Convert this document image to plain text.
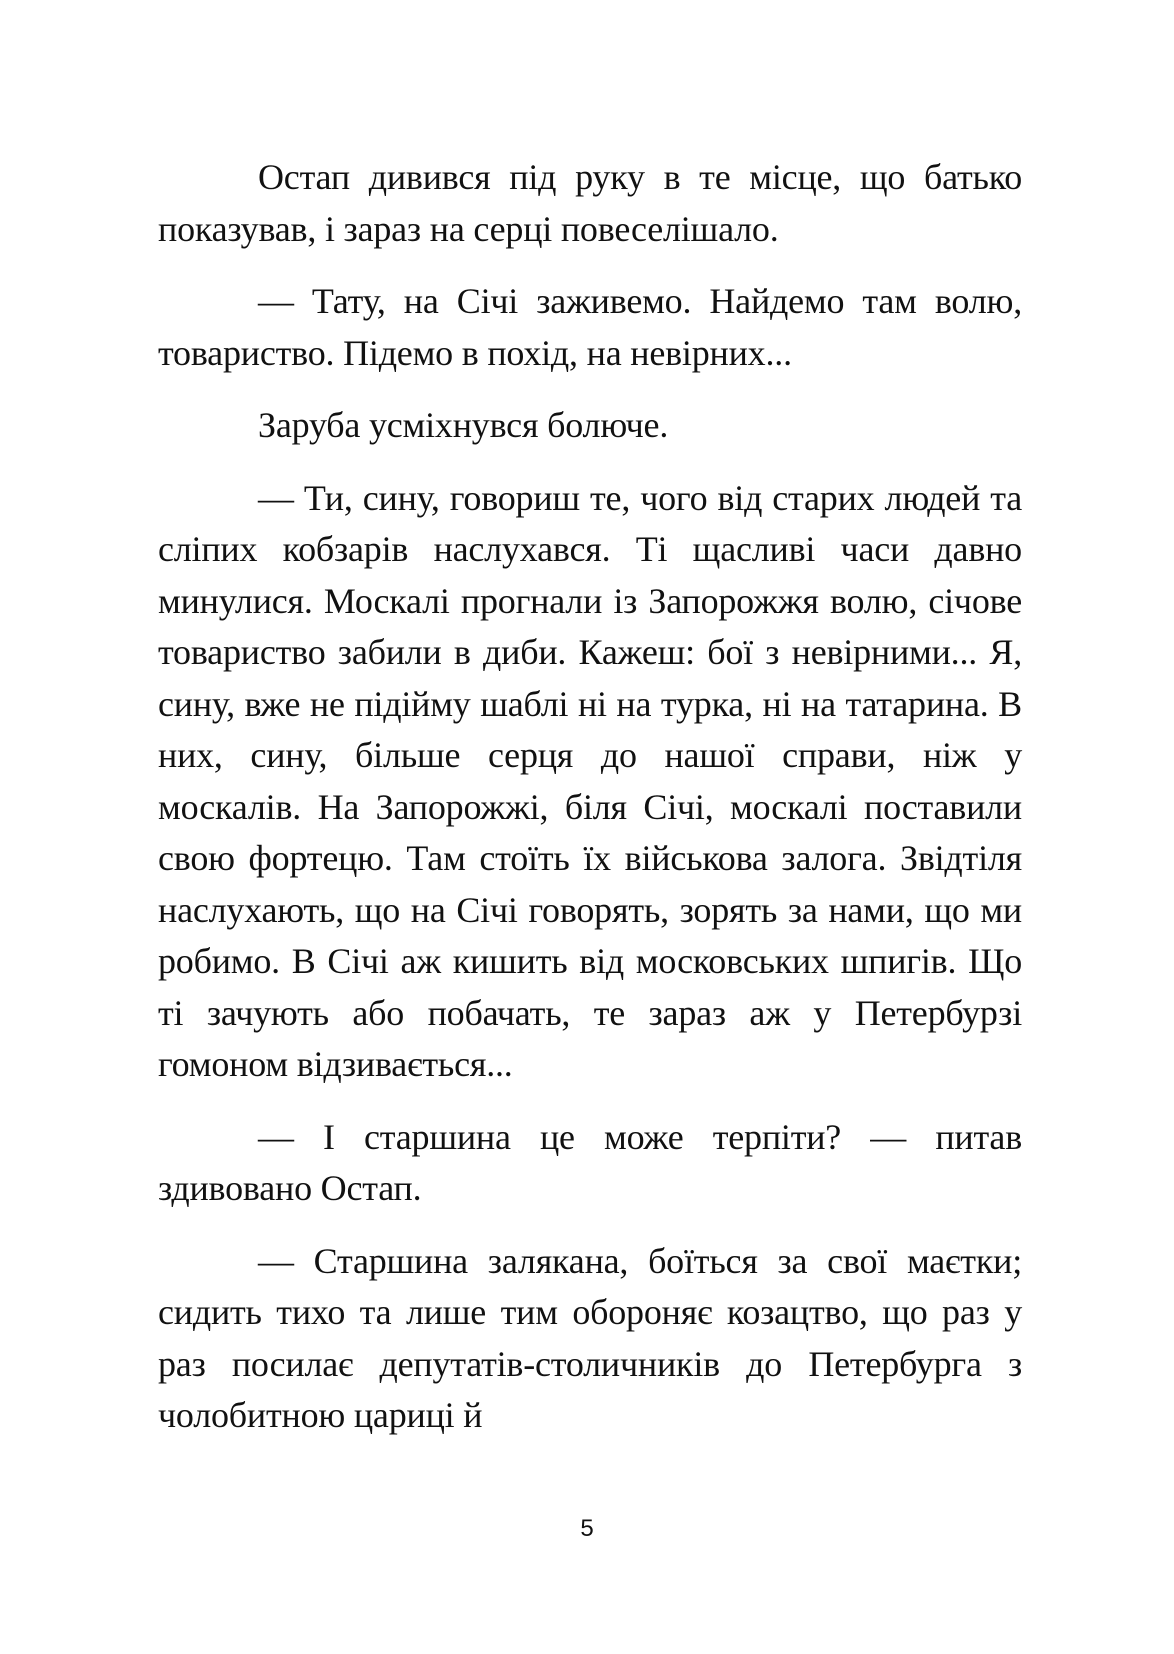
Остап дивився під руку в те місце, що батько показував, і зараз на серці повеселішало.

— Тату, на Січі заживемо. Найдемо там волю, товариство. Підемо в похід, на невірних...

Заруба усміхнувся болюче.

— Ти, сину, говориш те, чого від старих людей та сліпих кобзарів наслухався. Ті щасливі часи давно минулися. Москалі прогнали із Запорожжя волю, січове товариство забили в диби. Кажеш: бої з невірними... Я, сину, вже не підійму шаблі ні на турка, ні на татарина. В них, сину, більше серця до нашої справи, ніж у москалів. На Запорожжі, біля Січі, москалі поставили свою фортецю. Там стоїть їх військова залога. Звідтіля наслухають, що на Січі говорять, зорять за нами, що ми робимо. В Січі аж кишить від московських шпигів. Що ті зачують або побачать, те зараз аж у Петербурзі гомоном відзивається...

— І старшина це може терпіти? — питав здивовано Остап.

— Старшина залякана, боїться за свої маєтки; сидить тихо та лише тим обороняє козацтво, що раз у раз посилає депутатів-столичників до Петербурга з чолобитною цариці й

5
